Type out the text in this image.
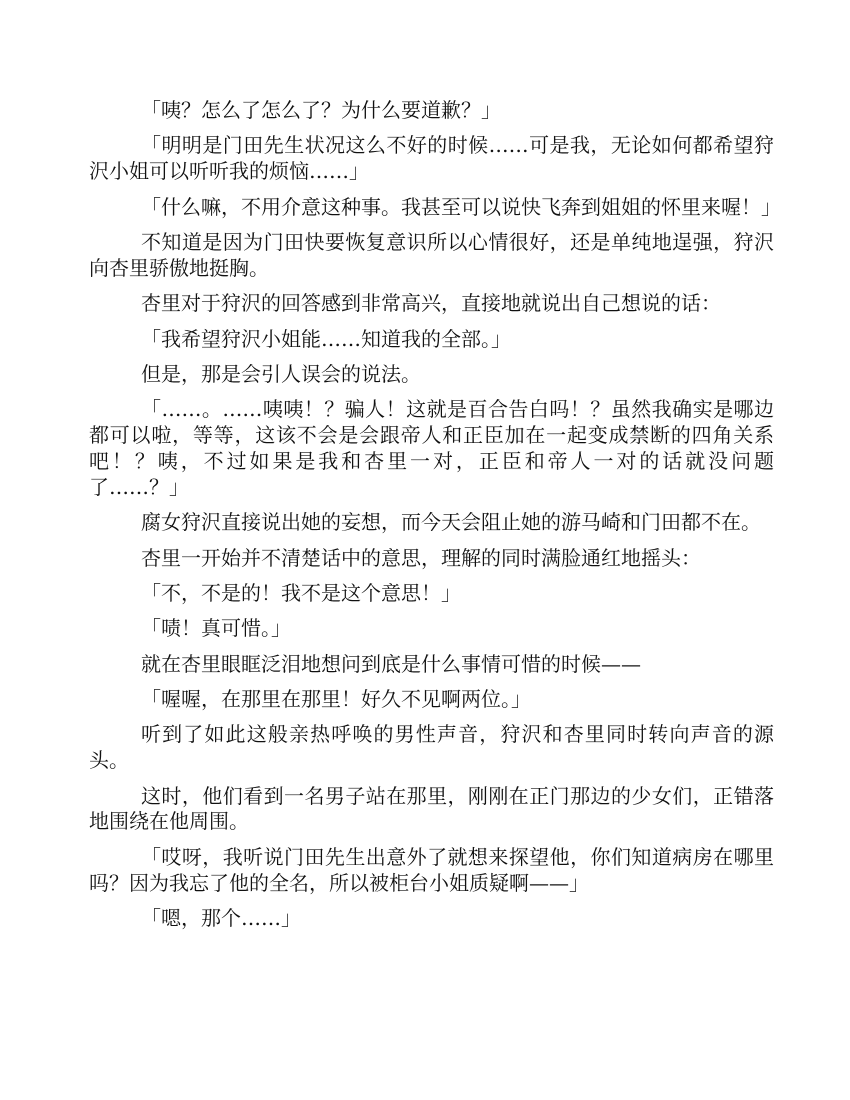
「咦？怎么了怎么了？为什么要道歉？」

「明明是门田先生状况这么不好的时候……可是我，无论如何都希望狩沢小姐可以听听我的烦恼……」

「什么嘛，不用介意这种事。我甚至可以说快飞奔到姐姐的怀里来喔！」

不知道是因为门田快要恢复意识所以心情很好，还是单纯地逞强，狩沢向杏里骄傲地挺胸。

杏里对于狩沢的回答感到非常高兴，直接地就说出自己想说的话：

「我希望狩沢小姐能……知道我的全部。」

但是，那是会引人误会的说法。

「……。……咦咦！？骗人！这就是百合告白吗！？虽然我确实是哪边都可以啦，等等，这该不会是会跟帝人和正臣加在一起变成禁断的四角关系吧！？咦，不过如果是我和杏里一对，正臣和帝人一对的话就没问题了……？」

腐女狩沢直接说出她的妄想，而今天会阻止她的游马崎和门田都不在。

杏里一开始并不清楚话中的意思，理解的同时满脸通红地摇头：

「不，不是的！我不是这个意思！」

「啧！真可惜。」

就在杏里眼眶泛泪地想问到底是什么事情可惜的时候——

「喔喔，在那里在那里！好久不见啊两位。」

听到了如此这般亲热呼唤的男性声音，狩沢和杏里同时转向声音的源头。

这时，他们看到一名男子站在那里，刚刚在正门那边的少女们，正错落地围绕在他周围。

「哎呀，我听说门田先生出意外了就想来探望他，你们知道病房在哪里吗？因为我忘了他的全名，所以被柜台小姐质疑啊——」

「嗯，那个……」
